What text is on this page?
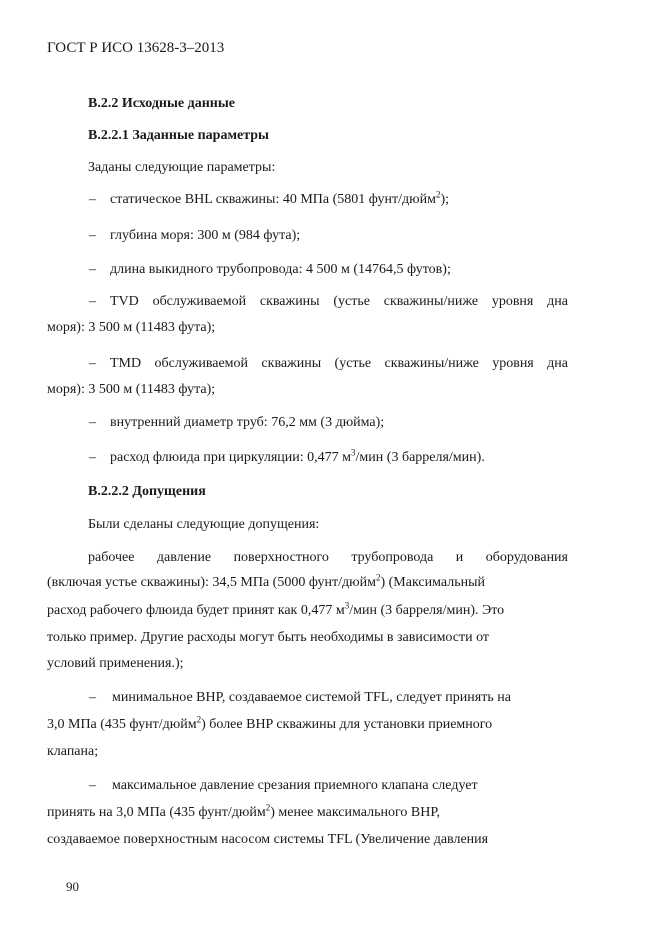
ГОСТ Р ИСО 13628-3–2013
В.2.2 Исходные данные
В.2.2.1 Заданные параметры
Заданы следующие параметры:
– статическое BHL скважины: 40 МПа (5801 фунт/дюйм$^2$);
– глубина моря: 300 м (984 фута);
– длина выкидного трубопровода: 4 500 м (14764,5 футов);
– TVD обслуживаемой скважины (устье скважины/ниже уровня дна
моря): 3 500 м (11483 фута);
– TMD обслуживаемой скважины (устье скважины/ниже уровня дна
моря): 3 500 м (11483 фута);
– внутренний диаметр труб: 76,2 мм (3 дюйма);
– расход флюида при циркуляции: 0,477 $м^3$/мин (3 барреля/мин).
В.2.2.2 Допущения
Были сделаны следующие допущения:
рабочее давление поверхностного трубопровода и оборудования
(включая устье скважины): 34,5 МПа (5000 фунт/дюйм$^2$) (Максимальный
расход рабочего флюида будет принят как 0,477 $м^3$/мин (3 барреля/мин). Это
только пример. Другие расходы могут быть необходимы в зависимости от
условий применения.);
– минимальное BHP, создаваемое системой TFL, следует принять на
3,0 МПа (435 фунт/дюйм$^2$) более BHP скважины для установки приемного
клапана;
– максимальное давление срезания приемного клапана следует
принять на 3,0 МПа (435 фунт/дюйм$^2$) менее максимального BHP,
создаваемое поверхностным насосом системы TFL (Увеличение давления
90
